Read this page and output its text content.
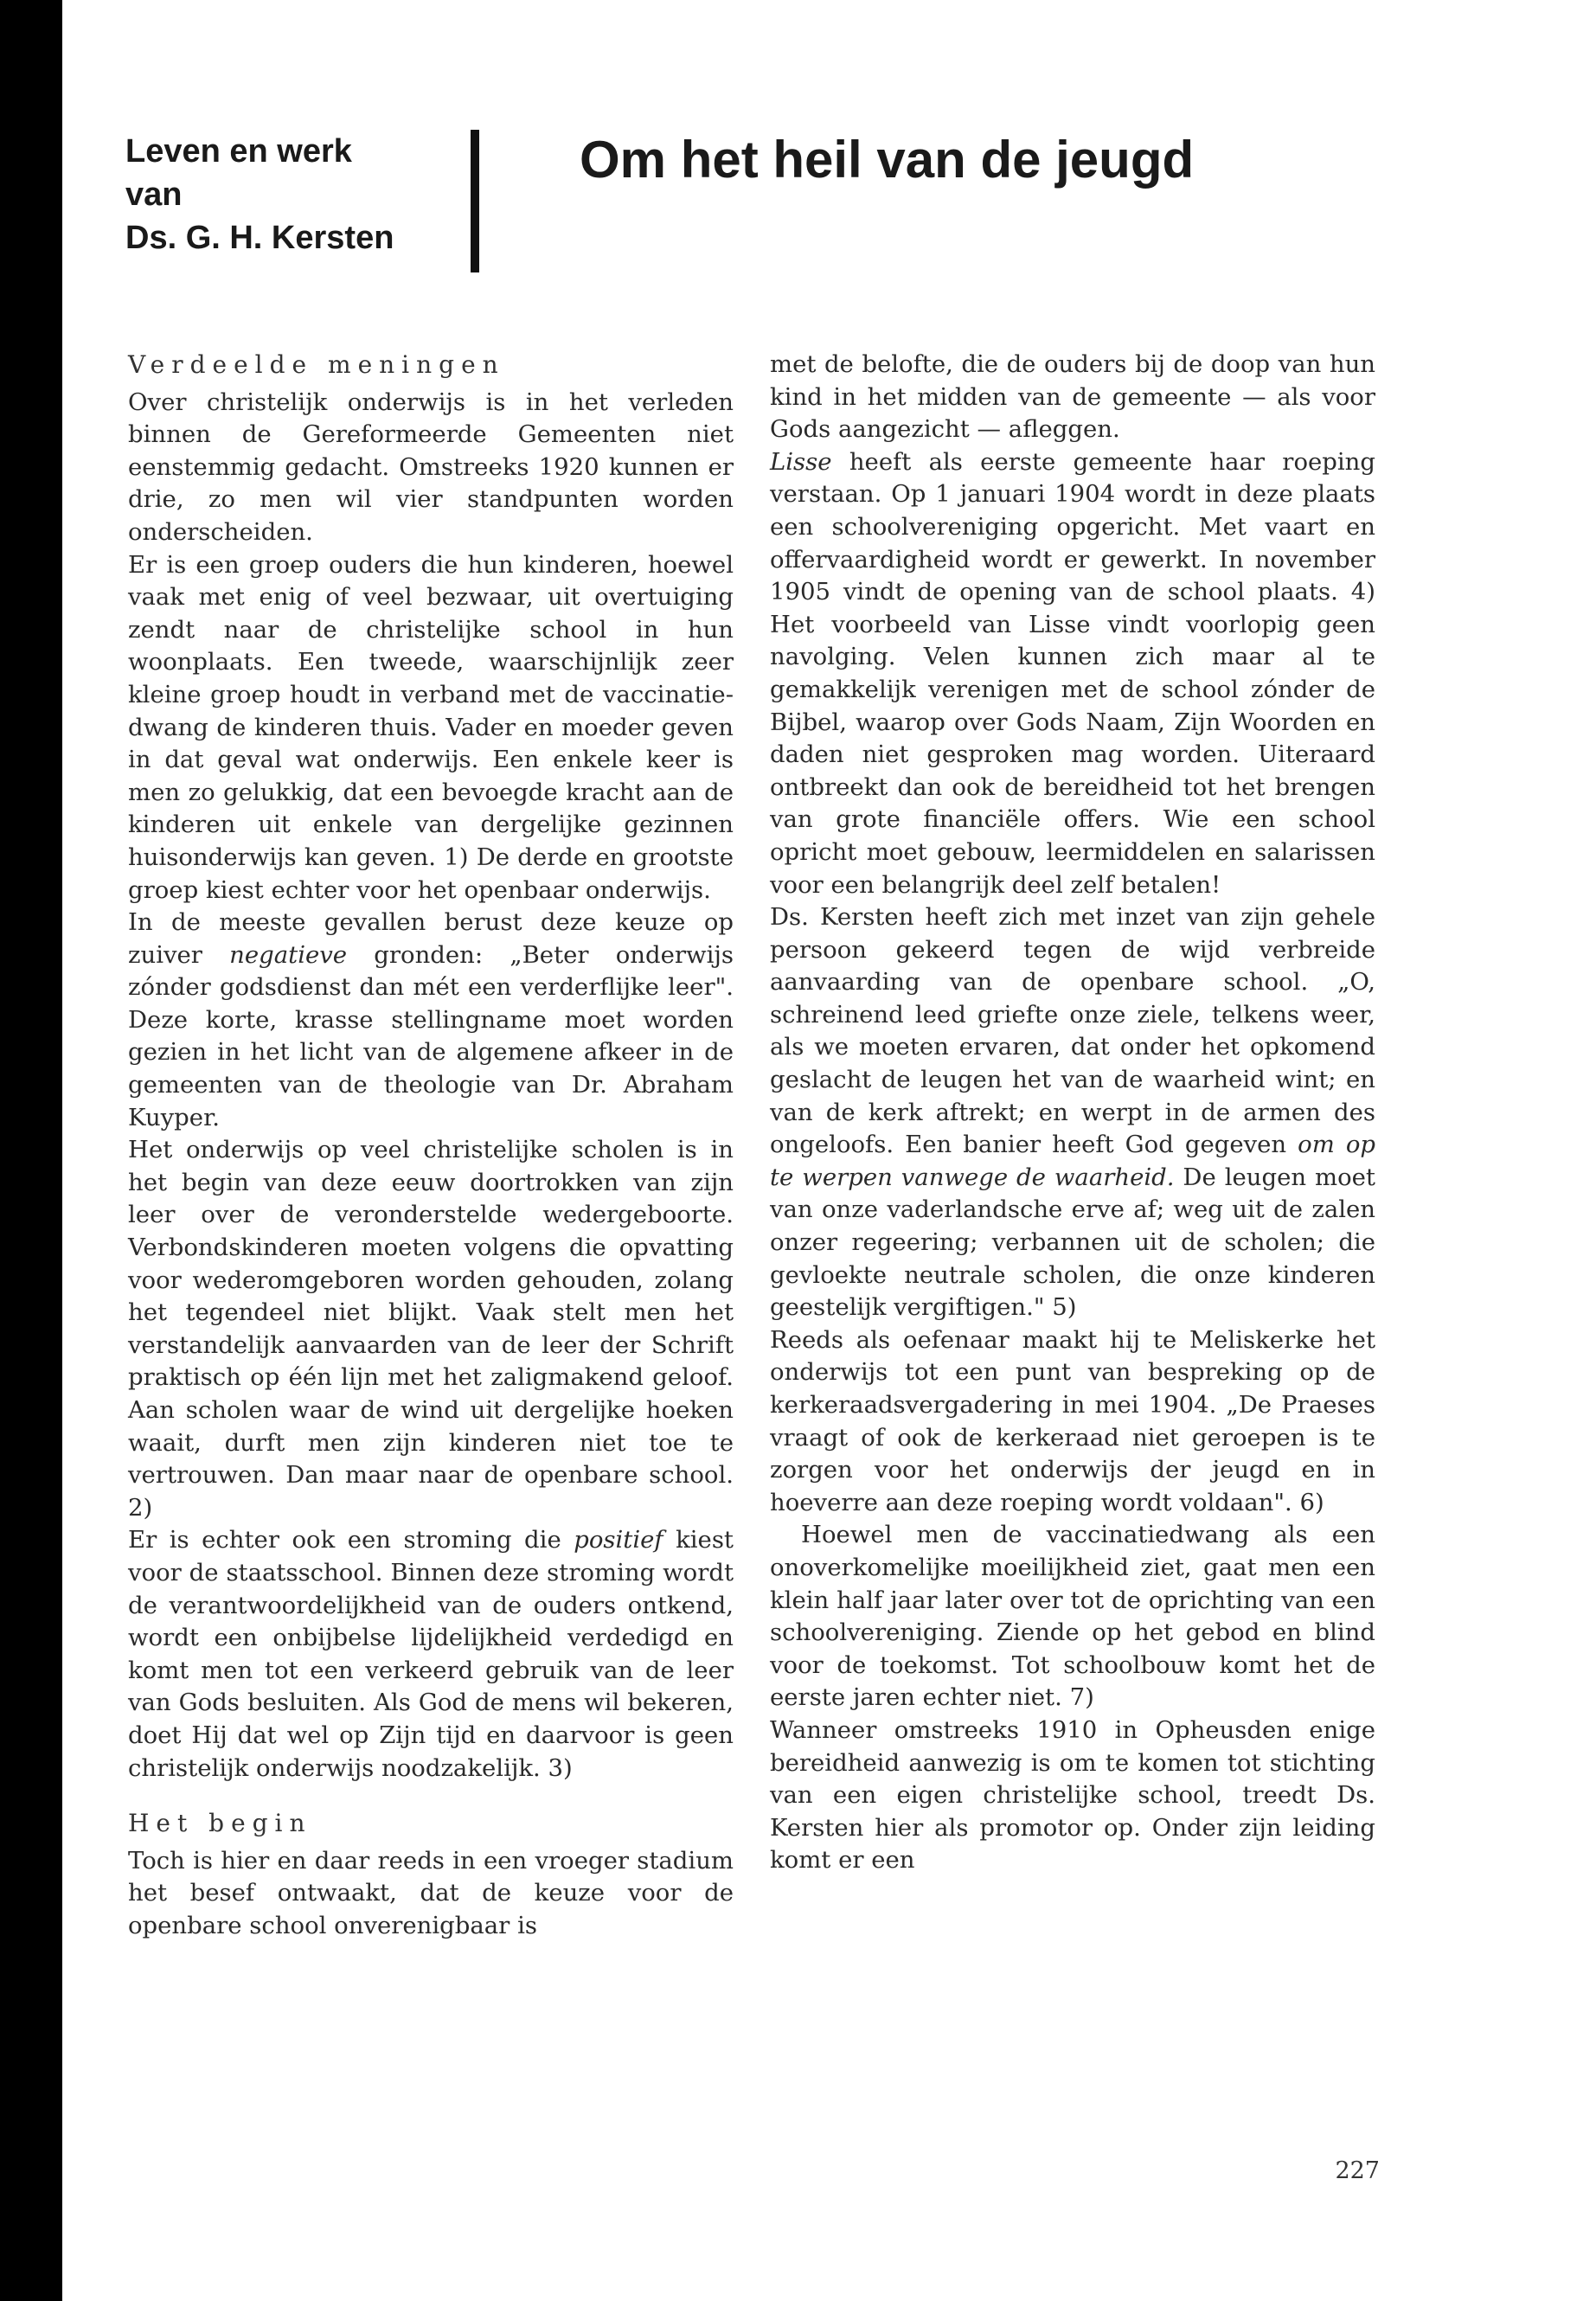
Leven en werk
van
Ds. G. H. Kersten
Om het heil van de jeugd
Verdeelde meningen

Over christelijk onderwijs is in het verleden binnen de Gereformeerde Gemeenten niet eenstemmig gedacht. Omstreeks 1920 kunnen er drie, zo men wil vier standpunten worden onderscheiden.

Er is een groep ouders die hun kinderen, hoewel vaak met enig of veel bezwaar, uit overtuiging zendt naar de christelijke school in hun woonplaats. Een tweede, waarschijnlijk zeer kleine groep houdt in verband met de vaccinatie-dwang de kinderen thuis. Vader en moeder geven in dat geval wat onderwijs. Een enkele keer is men zo gelukkig, dat een bevoegde kracht aan de kinderen uit enkele van dergelijke gezinnen huisonderwijs kan geven. 1) De derde en grootste groep kiest echter voor het openbaar onderwijs.

In de meeste gevallen berust deze keuze op zuiver negatieve gronden: „Beter onderwijs zónder godsdienst dan mét een verderflijke leer". Deze korte, krasse stellingname moet worden gezien in het licht van de algemene afkeer in de gemeenten van de theologie van Dr. Abraham Kuyper.

Het onderwijs op veel christelijke scholen is in het begin van deze eeuw doortrokken van zijn leer over de veronderstelde wedergeboorte. Verbondskinderen moeten volgens die opvatting voor wederomgeboren worden gehouden, zolang het tegendeel niet blijkt. Vaak stelt men het verstandelijk aanvaarden van de leer der Schrift praktisch op één lijn met het zaligmakend geloof. Aan scholen waar de wind uit dergelijke hoeken waait, durft men zijn kinderen niet toe te vertrouwen. Dan maar naar de openbare school. 2)

Er is echter ook een stroming die positief kiest voor de staatsschool. Binnen deze stroming wordt de verantwoordelijkheid van de ouders ontkend, wordt een onbijbelse lijdelijkheid verdedigd en komt men tot een verkeerd gebruik van de leer van Gods besluiten. Als God de mens wil bekeren, doet Hij dat wel op Zijn tijd en daarvoor is geen christelijk onderwijs noodzakelijk. 3)

Het begin

Toch is hier en daar reeds in een vroeger stadium het besef ontwaakt, dat de keuze voor de openbare school onverenigbaar is

met de belofte, die de ouders bij de doop van hun kind in het midden van de gemeente — als voor Gods aangezicht — afleggen.

Lisse heeft als eerste gemeente haar roeping verstaan. Op 1 januari 1904 wordt in deze plaats een schoolvereniging opgericht. Met vaart en offervaardigheid wordt er gewerkt. In november 1905 vindt de opening van de school plaats. 4) Het voorbeeld van Lisse vindt voorlopig geen navolging. Velen kunnen zich maar al te gemakkelijk verenigen met de school zónder de Bijbel, waarop over Gods Naam, Zijn Woorden en daden niet gesproken mag worden. Uiteraard ontbreekt dan ook de bereidheid tot het brengen van grote financiële offers. Wie een school opricht moet gebouw, leermiddelen en salarissen voor een belangrijk deel zelf betalen!

Ds. Kersten heeft zich met inzet van zijn gehele persoon gekeerd tegen de wijd verbreide aanvaarding van de openbare school. „O, schreinend leed griefte onze ziele, telkens weer, als we moeten ervaren, dat onder het opkomend geslacht de leugen het van de waarheid wint; en van de kerk aftrekt; en werpt in de armen des ongeloofs. Een banier heeft God gegeven om op te werpen vanwege de waarheid. De leugen moet van onze vaderlandsche erve af; weg uit de zalen onzer regeering; verbannen uit de scholen; die gevloekte neutrale scholen, die onze kinderen geestelijk vergiftigen." 5)

Reeds als oefenaar maakt hij te Meliskerke het onderwijs tot een punt van bespreking op de kerkeraadsvergadering in mei 1904. „De Praeses vraagt of ook de kerkeraad niet geroepen is te zorgen voor het onderwijs der jeugd en in hoeverre aan deze roeping wordt voldaan". 6)

Hoewel men de vaccinatiedwang als een onoverkomelijke moeilijkheid ziet, gaat men een klein half jaar later over tot de oprichting van een schoolvereniging. Ziende op het gebod en blind voor de toekomst. Tot schoolbouw komt het de eerste jaren echter niet. 7)

Wanneer omstreeks 1910 in Opheusden enige bereidheid aanwezig is om te komen tot stichting van een eigen christelijke school, treedt Ds. Kersten hier als promotor op. Onder zijn leiding komt er een

227
